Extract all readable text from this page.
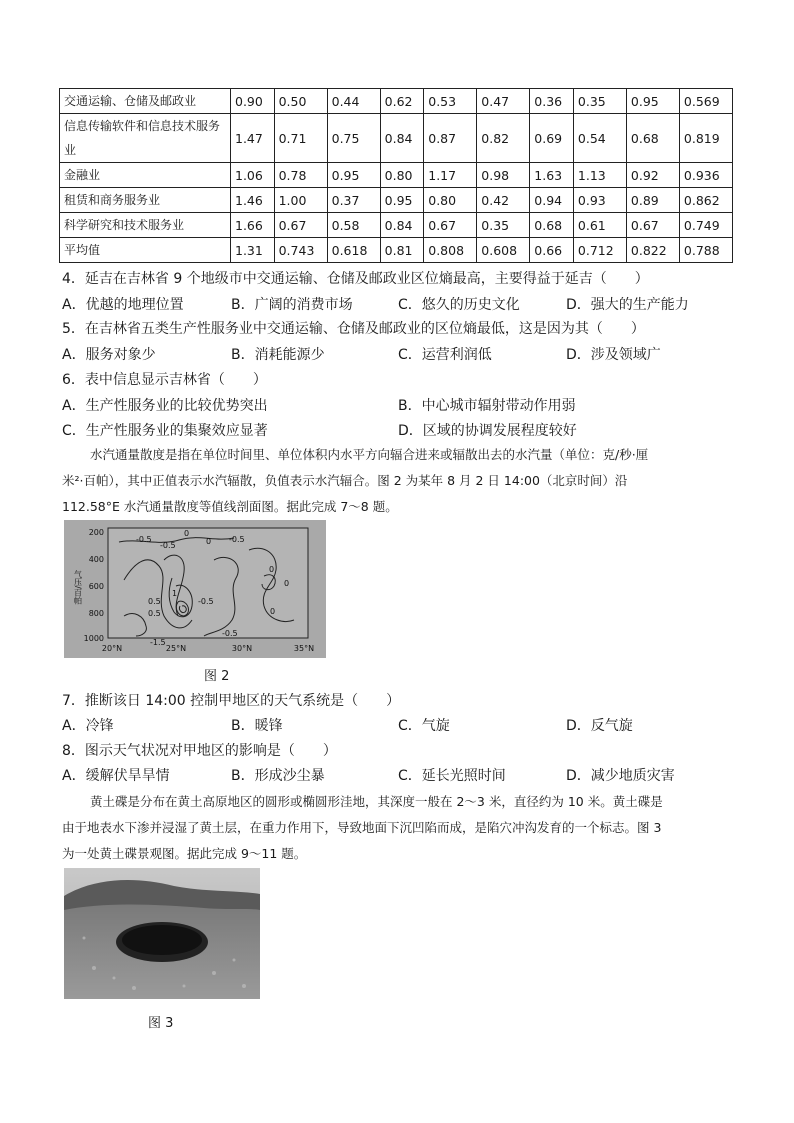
交通运输、仓储及邮政业	0.90	0.50	0.44	0.62	0.53	0.47	0.36	0.35	0.95	0.569
信息传输软件和信息技术服务业	1.47	0.71	0.75	0.84	0.87	0.82	0.69	0.54	0.68	0.819
金融业	1.06	0.78	0.95	0.80	1.17	0.98	1.63	1.13	0.92	0.936
租赁和商务服务业	1.46	1.00	0.37	0.95	0.80	0.42	0.94	0.93	0.89	0.862
科学研究和技术服务业	1.66	0.67	0.58	0.84	0.67	0.35	0.68	0.61	0.67	0.749
平均值	1.31	0.743	0.618	0.81	0.808	0.608	0.66	0.712	0.822	0.788
4．延吉在吉林省 9 个地级市中交通运输、仓储及邮政业区位熵最高，主要得益于延吉（　　）
A．优越的地理位置	B．广阔的消费市场	C．悠久的历史文化	D．强大的生产能力
5．在吉林省五类生产性服务业中交通运输、仓储及邮政业的区位熵最低，这是因为其（　　）
A．服务对象少	B．消耗能源少	C．运营利润低	D．涉及领域广
6．表中信息显示吉林省（　　）
A．生产性服务业的比较优势突出	B．中心城市辐射带动作用弱
C．生产性服务业的集聚效应显著	D．区域的协调发展程度较好
水汽通量散度是指在单位时间里、单位体积内水平方向辐合进来或辐散出去的水汽量（单位：克/秒·厘
米²·百帕），其中正值表示水汽辐散，负值表示水汽辐合。图 2 为某年 8 月 2 日 14:00（北京时间）沿
112.58°E 水汽通量散度等值线剖面图。据此完成 7～8 题。
-0.5
-0.5
-0.5
0
0
0
0
0.5
0.5
-0.5
-1.5
-0.5
1
0
200
400
600
800
1000
气压/百帕
20°N	25°N	30°N	35°N
图 2
7．推断该日 14:00 控制甲地区的天气系统是（　　）
A．冷锋	B．暖锋	C．气旋	D．反气旋
8．图示天气状况对甲地区的影响是（　　）
A．缓解伏旱旱情	B．形成沙尘暴	C．延长光照时间	D．减少地质灾害
黄土碟是分布在黄土高原地区的圆形或椭圆形洼地，其深度一般在 2～3 米，直径约为 10 米。黄土碟是
由于地表水下渗并浸湿了黄土层，在重力作用下，导致地面下沉凹陷而成，是陷穴冲沟发育的一个标志。图 3
为一处黄土碟景观图。据此完成 9～11 题。
图 3
